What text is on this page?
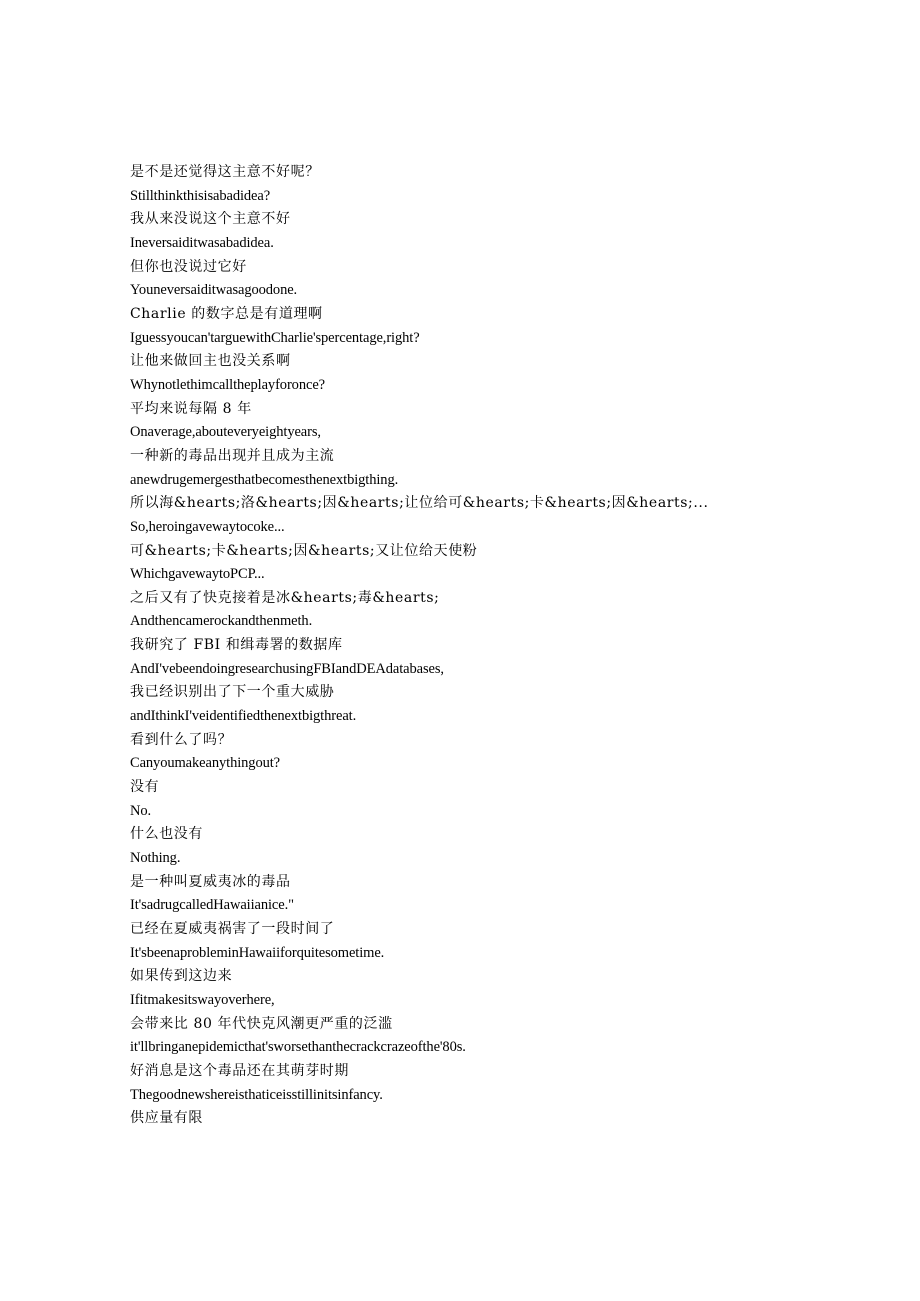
是不是还觉得这主意不好呢？
Stillthinkthisisabadidea?
我从来没说这个主意不好
Ineversaiditwasabadidea.
但你也没说过它好
Youneversaiditwasagoodone.
Charlie 的数字总是有道理啊
Iguessyoucan'targuewithCharlie'spercentage,right?
让他来做回主也没关系啊
Whynotlethimcalltheplayforonce?
平均来说每隔 8 年
Onaverage,abouteveryeightyears,
一种新的毒品出现并且成为主流
anewdrugemergesthatbecomesthenextbigthing.
所以海&hearts;洛&hearts;因&hearts;让位给可&hearts;卡&hearts;因&hearts;...
So,heroingavewaytocoke...
可&hearts;卡&hearts;因&hearts;又让位给天使粉
WhichgavewaytoPCP...
之后又有了快克接着是冰&hearts;毒&hearts;
Andthencamerockandthenmeth.
我研究了 FBI 和缉毒署的数据库
AndI'vebeendoingresearchusingFBIandDEAdatabases,
我已经识别出了下一个重大威胁
andIthinkI'veidentifiedthenextbigthreat.
看到什么了吗？
Canyoumakeanythingout?
没有
No.
什么也没有
Nothing.
是一种叫夏威夷冰的毒品
It'sadrugcalledHawaiianice."
已经在夏威夷祸害了一段时间了
It'sbeenaprobleminHawaiiforquitesometime.
如果传到这边来
Ifitmakesitswayoverhere,
会带来比 80 年代快克风潮更严重的泛滥
it'llbringanepidemicthat'sworsethanthecrackcrazeofthe'80s.
好消息是这个毒品还在其萌芽时期
Thegoodnewshereisthaticeisstillinitsinfancy.
供应量有限
